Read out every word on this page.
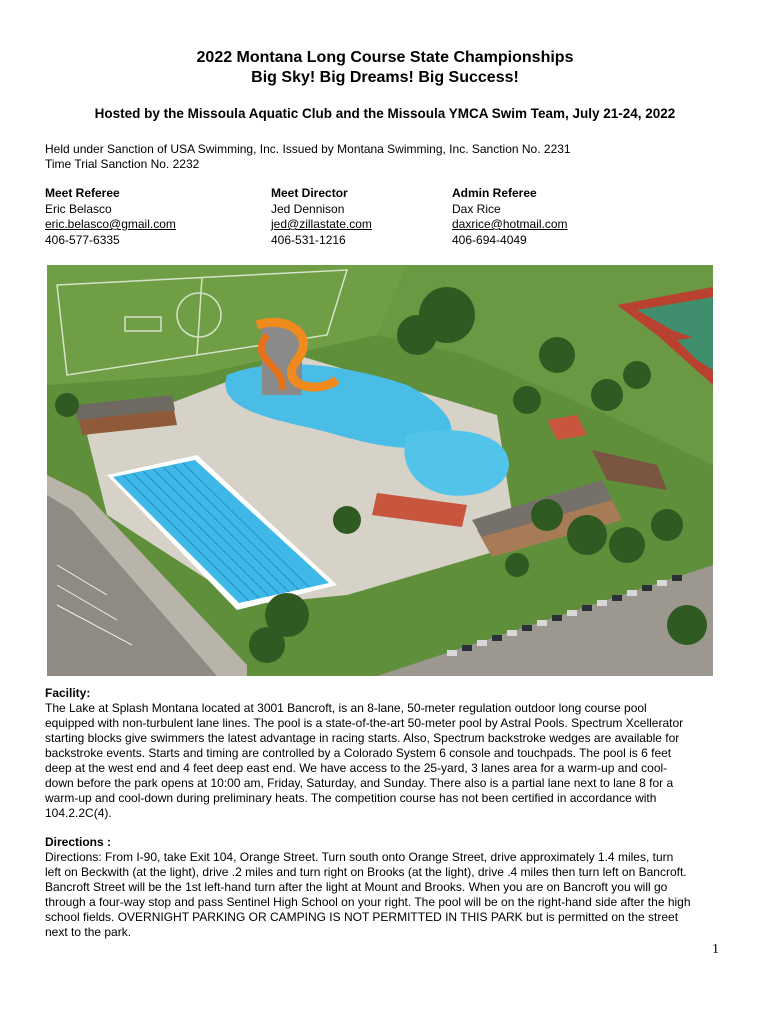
2022 Montana Long Course State Championships
Big Sky! Big Dreams! Big Success!
Hosted by the Missoula Aquatic Club and the Missoula YMCA Swim Team, July 21-24, 2022
Held under Sanction of USA Swimming, Inc. Issued by Montana Swimming, Inc. Sanction No. 2231
Time Trial Sanction No. 2232
Meet Referee
Eric Belasco
eric.belasco@gmail.com
406-577-6335
Meet Director
Jed Dennison
jed@zillastate.com
406-531-1216
Admin Referee
Dax Rice
daxrice@hotmail.com
406-694-4049
Facility:
The Lake at Splash Montana located at 3001 Bancroft, is an 8-lane, 50-meter regulation outdoor long course pool
equipped with non-turbulent lane lines. The pool is a state-of-the-art 50-meter pool by Astral Pools. Spectrum Xcellerator
starting blocks give swimmers the latest advantage in racing starts. Also, Spectrum backstroke wedges are available for
backstroke events. Starts and timing are controlled by a Colorado System 6 console and touchpads. The pool is 6 feet
deep at the west end and 4 feet deep east end. We have access to the 25-yard, 3 lanes area for a warm-up and cool-
down before the park opens at 10:00 am, Friday, Saturday, and Sunday. There also is a partial lane next to lane 8 for a
warm-up and cool-down during preliminary heats. The competition course has not been certified in accordance with
104.2.2C(4).
Directions :
Directions: From I-90, take Exit 104, Orange Street. Turn south onto Orange Street, drive approximately 1.4 miles, turn
left on Beckwith (at the light), drive .2 miles and turn right on Brooks (at the light), drive .4 miles then turn left on Bancroft.
Bancroft Street will be the 1st left-hand turn after the light at Mount and Brooks. When you are on Bancroft you will go
through a four-way stop and pass Sentinel High School on your right. The pool will be on the right-hand side after the high
school fields. OVERNIGHT PARKING OR CAMPING IS NOT PERMITTED IN THIS PARK but is permitted on the street
next to the park.
1
